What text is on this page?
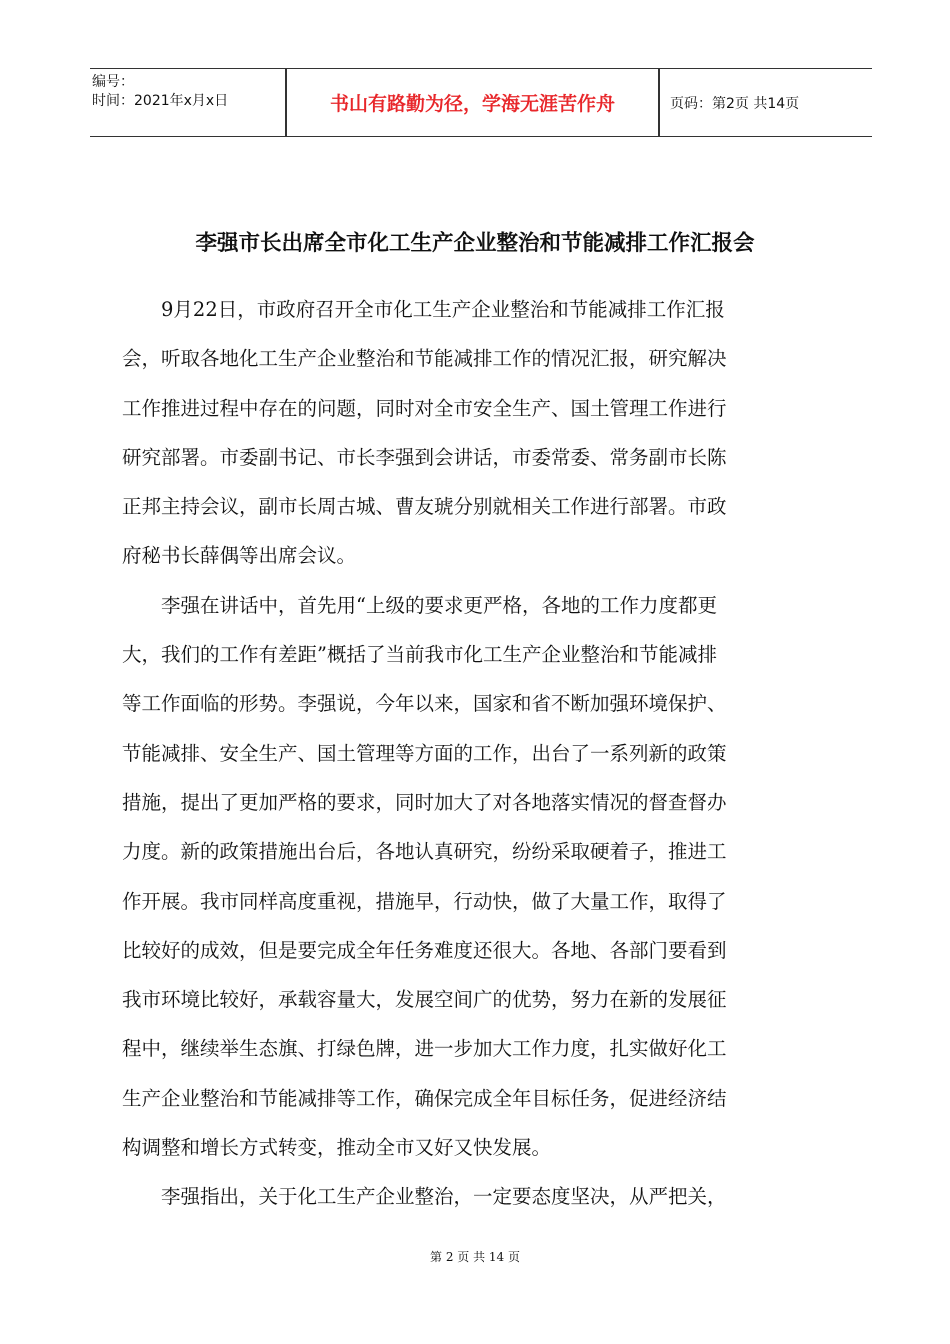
编号：
时间：2021年x月x日	书山有路勤为径，学海无涯苦作舟	页码：第2页 共14页
李强市长出席全市化工生产企业整治和节能减排工作汇报会

9月22日，市政府召开全市化工生产企业整治和节能减排工作汇报
会，听取各地化工生产企业整治和节能减排工作的情况汇报，研究解决
工作推进过程中存在的问题，同时对全市安全生产、国土管理工作进行
研究部署。市委副书记、市长李强到会讲话，市委常委、常务副市长陈
正邦主持会议，副市长周古城、曹友琥分别就相关工作进行部署。市政
府秘书长薛偶等出席会议。

李强在讲话中，首先用“上级的要求更严格，各地的工作力度都更
大，我们的工作有差距”概括了当前我市化工生产企业整治和节能减排
等工作面临的形势。李强说，今年以来，国家和省不断加强环境保护、
节能减排、安全生产、国土管理等方面的工作，出台了一系列新的政策
措施，提出了更加严格的要求，同时加大了对各地落实情况的督查督办
力度。新的政策措施出台后，各地认真研究，纷纷采取硬着子，推进工
作开展。我市同样高度重视，措施早，行动快，做了大量工作，取得了
比较好的成效，但是要完成全年任务难度还很大。各地、各部门要看到
我市环境比较好，承载容量大，发展空间广的优势，努力在新的发展征
程中，继续举生态旗、打绿色牌，进一步加大工作力度，扎实做好化工
生产企业整治和节能减排等工作，确保完成全年目标任务，促进经济结
构调整和增长方式转变，推动全市又好又快发展。

李强指出，关于化工生产企业整治，一定要态度坚决，从严把关，

第 2 页 共 14 页
